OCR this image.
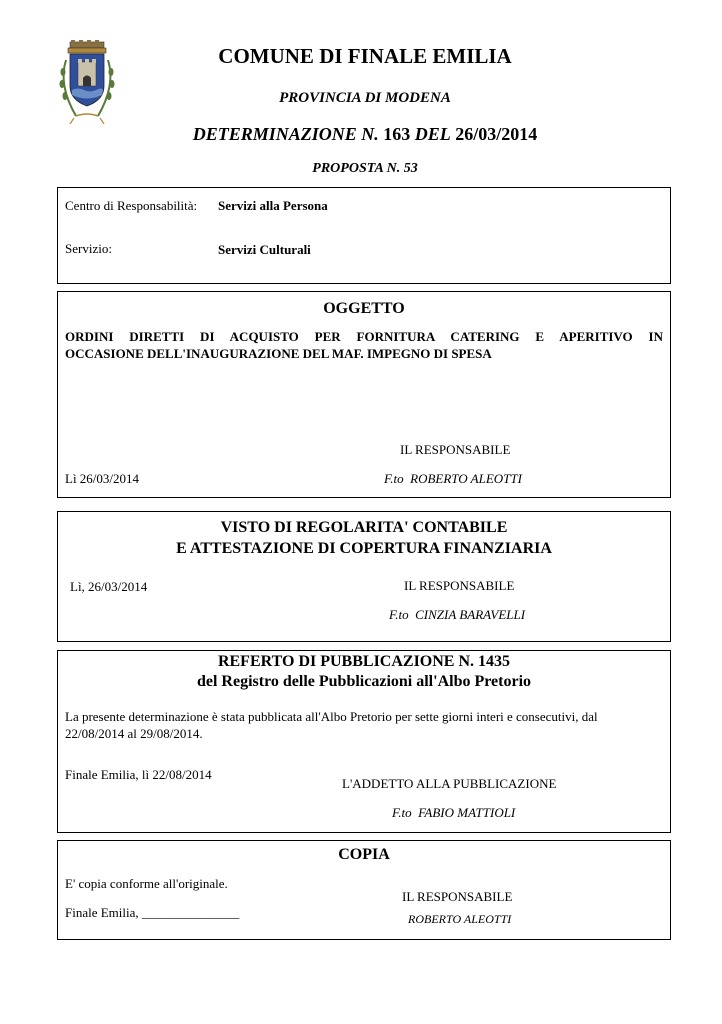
COMUNE DI FINALE EMILIA
PROVINCIA DI MODENA
DETERMINAZIONE N. 163 DEL 26/03/2014
PROPOSTA N. 53
Centro di Responsabilità: Servizi alla Persona
Servizio:	Servizi Culturali
OGGETTO
ORDINI DIRETTI DI ACQUISTO PER FORNITURA CATERING E APERITIVO IN
OCCASIONE DELL'INAUGURAZIONE DEL MAF. IMPEGNO DI SPESA
IL RESPONSABILE
Lì 26/03/2014	F.to  ROBERTO ALEOTTI
VISTO DI REGOLARITA' CONTABILE
E ATTESTAZIONE DI COPERTURA FINANZIARIA
Lì, 26/03/2014	IL RESPONSABILE
F.to  CINZIA BARAVELLI
REFERTO DI PUBBLICAZIONE N. 1435
del Registro delle Pubblicazioni all'Albo Pretorio
La presente determinazione è stata pubblicata all'Albo Pretorio per sette giorni interi e consecutivi, dal
22/08/2014 al 29/08/2014.
Finale Emilia, lì 22/08/2014
L'ADDETTO ALLA PUBBLICAZIONE
F.to  FABIO MATTIOLI
COPIA
E' copia conforme all'originale.
IL RESPONSABILE
Finale Emilia, _______________	ROBERTO ALEOTTI
